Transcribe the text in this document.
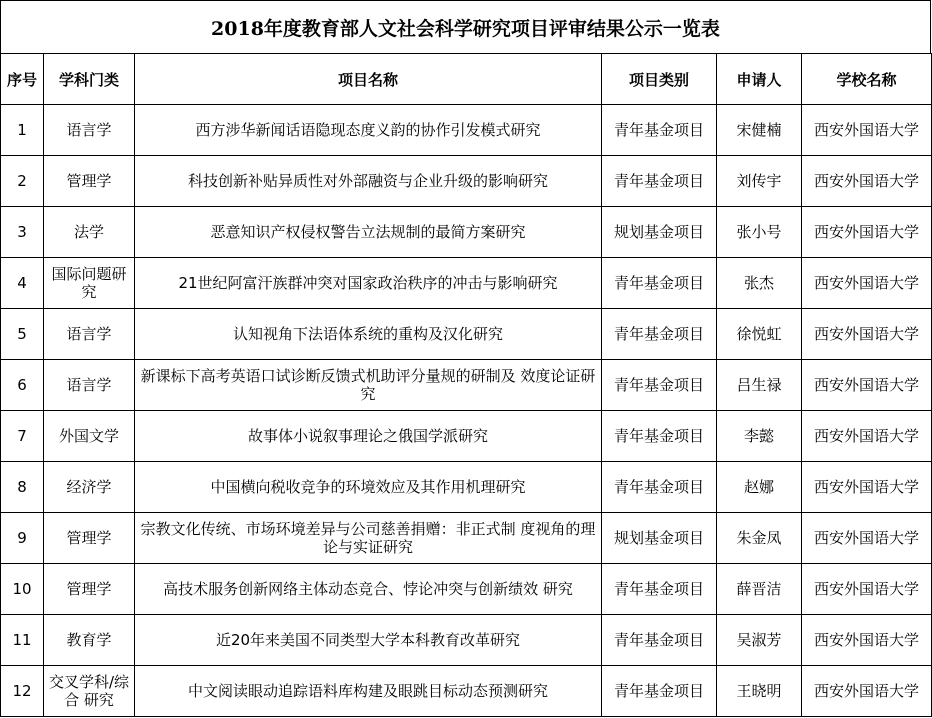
2018年度教育部人文社会科学研究项目评审结果公示一览表
序号	学科门类	项目名称	项目类别	申请人	学校名称
1	语言学	西方涉华新闻话语隐现态度义韵的协作引发模式研究	青年基金项目	宋健楠	西安外国语大学
2	管理学	科技创新补贴异质性对外部融资与企业升级的影响研究	青年基金项目	刘传宇	西安外国语大学
3	法学	恶意知识产权侵权警告立法规制的最简方案研究	规划基金项目	张小号	西安外国语大学
4	国际问题研究	21世纪阿富汗族群冲突对国家政治秩序的冲击与影响研究	青年基金项目	张杰	西安外国语大学
5	语言学	认知视角下法语体系统的重构及汉化研究	青年基金项目	徐悦虹	西安外国语大学
6	语言学	新课标下高考英语口试诊断反馈式机助评分量规的研制及 效度论证研究	青年基金项目	吕生禄	西安外国语大学
7	外国文学	故事体小说叙事理论之俄国学派研究	青年基金项目	李懿	西安外国语大学
8	经济学	中国横向税收竞争的环境效应及其作用机理研究	青年基金项目	赵娜	西安外国语大学
9	管理学	宗教文化传统、市场环境差异与公司慈善捐赠：非正式制 度视角的理论与实证研究	规划基金项目	朱金凤	西安外国语大学
10	管理学	高技术服务创新网络主体动态竞合、悖论冲突与创新绩效 研究	青年基金项目	薛晋洁	西安外国语大学
11	教育学	近20年来美国不同类型大学本科教育改革研究	青年基金项目	吴淑芳	西安外国语大学
12	交叉学科/综合 研究	中文阅读眼动追踪语料库构建及眼跳目标动态预测研究	青年基金项目	王晓明	西安外国语大学
